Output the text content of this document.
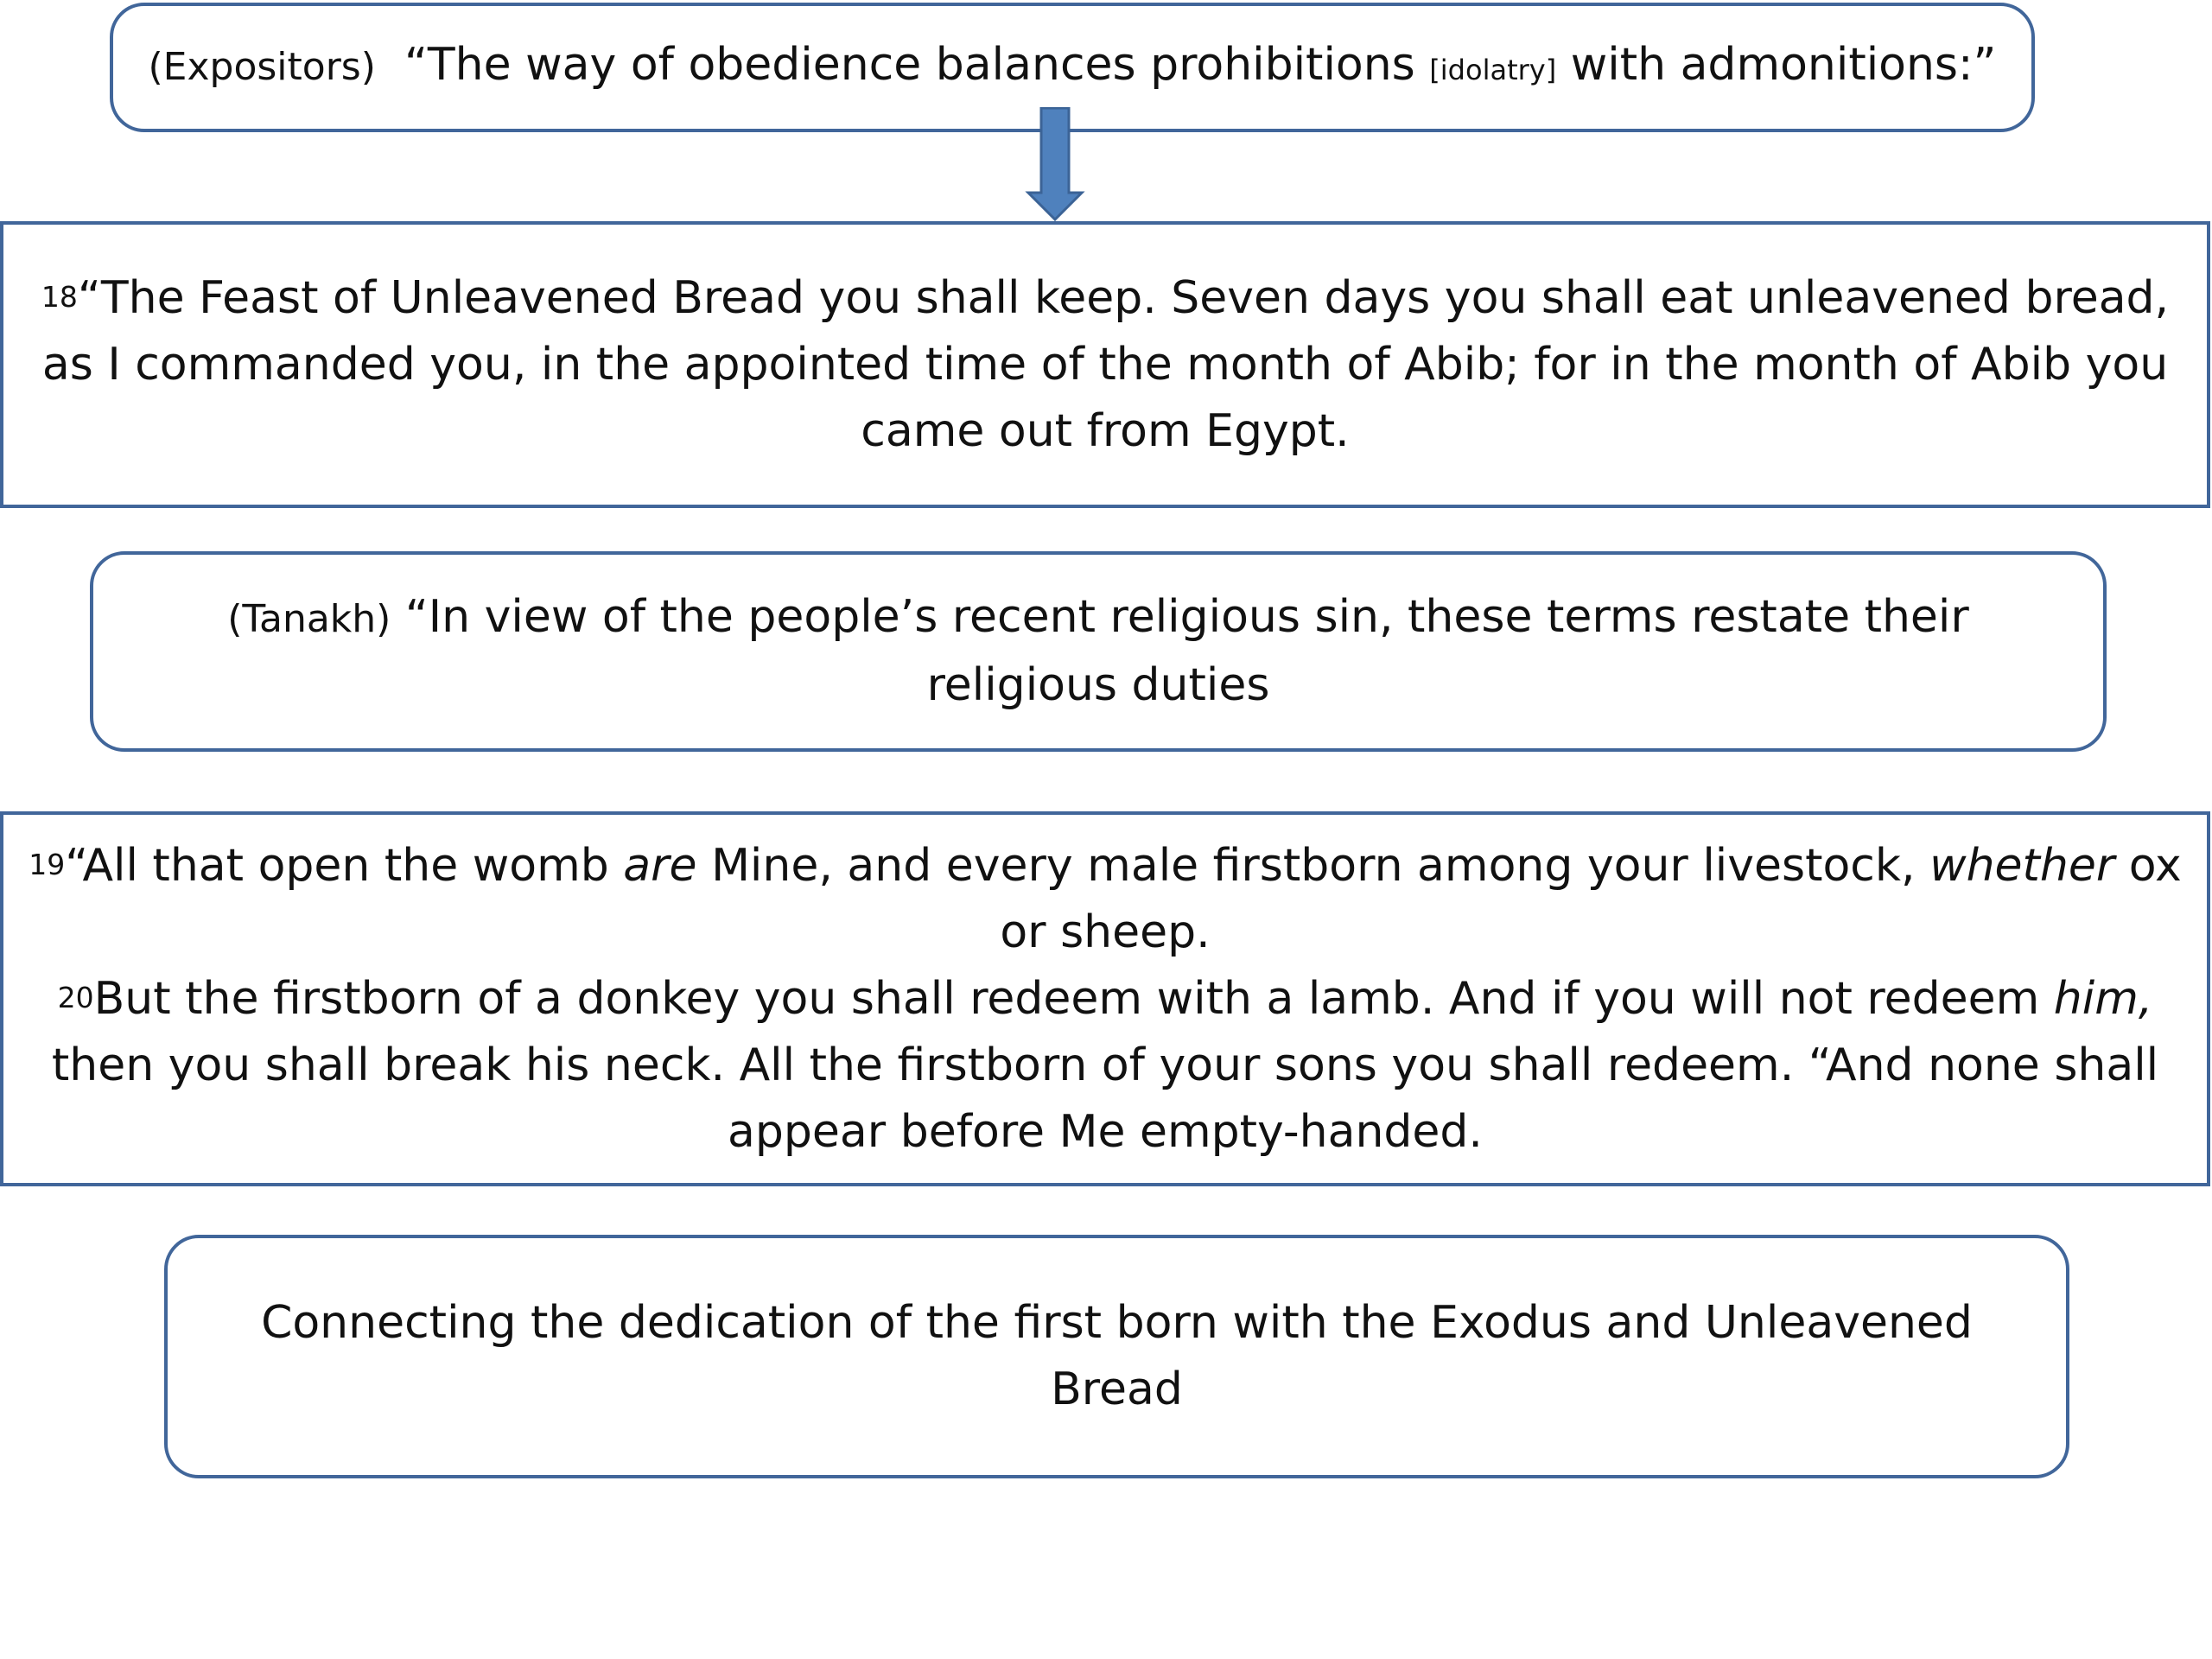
(Expositors) “The way of obedience balances prohibitions [idolatry] with admonitions:”

$^{18}$“The Feast of Unleavened Bread you shall keep. Seven days you shall eat unleavened bread, as I commanded you, in the appointed time of the month of Abib; for in the month of Abib you came out from Egypt.

(Tanakh) “In view of the people’s recent religious sin, these terms restate their religious duties

$^{19}$“All that open the womb are Mine, and every male firstborn among your livestock, whether ox or sheep.

$^{20}$But the firstborn of a donkey you shall redeem with a lamb. And if you will not redeem him, then you shall break his neck. All the firstborn of your sons you shall redeem. “And none shall appear before Me empty-handed.

Connecting the dedication of the first born with the Exodus and Unleavened Bread
